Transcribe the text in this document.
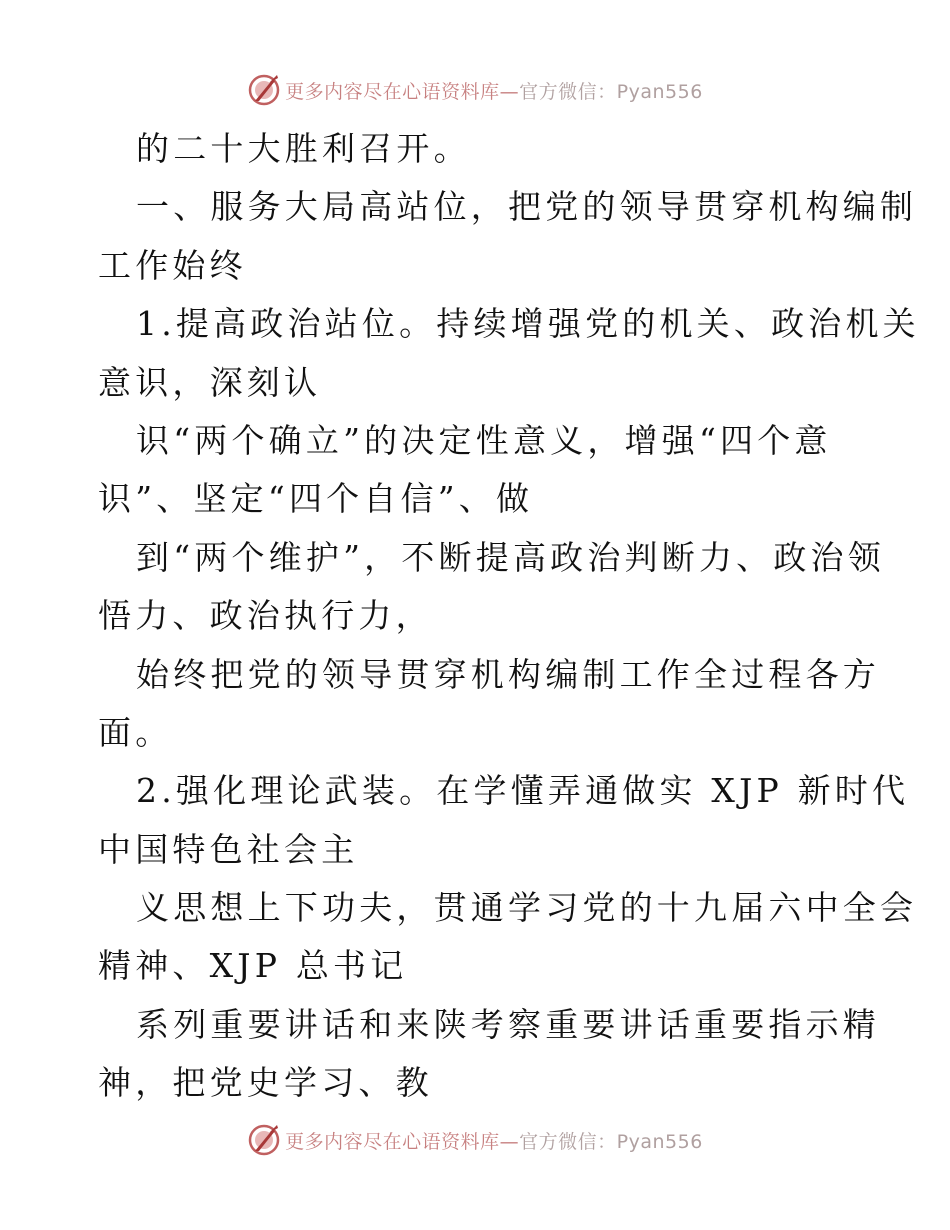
更多内容尽在心语资料库—官方微信：Pyan556
的二十大胜利召开。
一、服务大局高站位，把党的领导贯穿机构编制
工作始终
1.提高政治站位。持续增强党的机关、政治机关
意识，深刻认
识“两个确立”的决定性意义，增强“四个意
识”、坚定“四个自信”、做
到“两个维护”，不断提高政治判断力、政治领
悟力、政治执行力，
始终把党的领导贯穿机构编制工作全过程各方
面。
2.强化理论武装。在学懂弄通做实 XJP 新时代
中国特色社会主
义思想上下功夫，贯通学习党的十九届六中全会
精神、XJP 总书记
系列重要讲话和来陕考察重要讲话重要指示精
神，把党史学习、教
更多内容尽在心语资料库—官方微信：Pyan556
